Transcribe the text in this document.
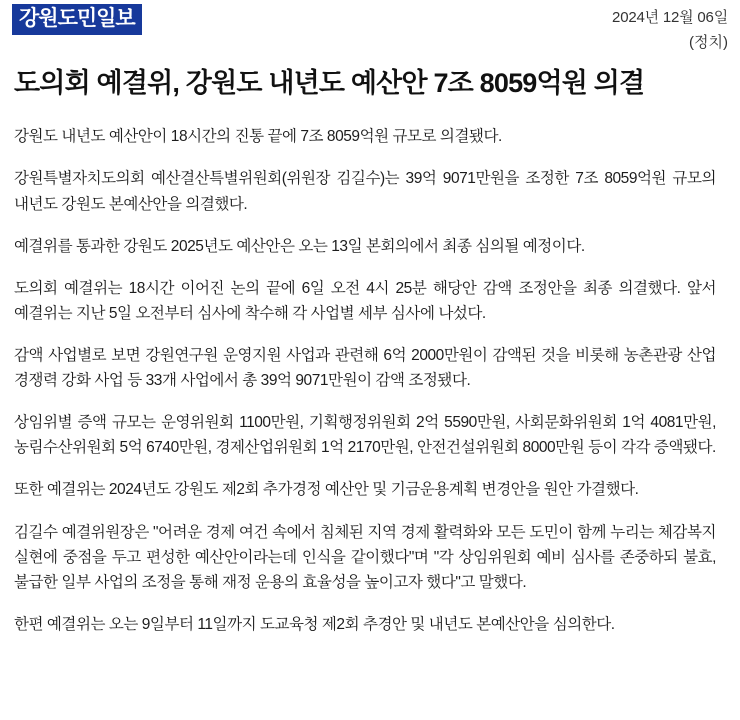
강원도민일보	2024년 12월 06일
(정치)
도의회 예결위, 강원도 내년도 예산안 7조 8059억원 의결

강원도 내년도 예산안이 18시간의 진통 끝에 7조 8059억원 규모로 의결됐다.

강원특별자치도의회 예산결산특별위원회(위원장 김길수)는 39억 9071만원을 조정한 7조 8059억원 규모의 내년도 강원도 본예산안을 의결했다.

예결위를 통과한 강원도 2025년도 예산안은 오는 13일 본회의에서 최종 심의될 예정이다.

도의회 예결위는 18시간 이어진 논의 끝에 6일 오전 4시 25분 해당안 감액 조정안을 최종 의결했다. 앞서 예결위는 지난 5일 오전부터 심사에 착수해 각 사업별 세부 심사에 나섰다.

감액 사업별로 보면 강원연구원 운영지원 사업과 관련해 6억 2000만원이 감액된 것을 비롯해 농촌관광 산업 경쟁력 강화 사업 등 33개 사업에서 총 39억 9071만원이 감액 조정됐다.

상임위별 증액 규모는 운영위원회 1100만원, 기획행정위원회 2억 5590만원, 사회문화위원회 1억 4081만원, 농림수산위원회 5억 6740만원, 경제산업위원회 1억 2170만원, 안전건설위원회 8000만원 등이 각각 증액됐다.

또한 예결위는 2024년도 강원도 제2회 추가경정 예산안 및 기금운용계획 변경안을 원안 가결했다.

김길수 예결위원장은 "어려운 경제 여건 속에서 침체된 지역 경제 활력화와 모든 도민이 함께 누리는 체감복지 실현에 중점을 두고 편성한 예산안이라는데 인식을 같이했다"며 "각 상임위원회 예비 심사를 존중하되 불효, 불급한 일부 사업의 조정을 통해 재정 운용의 효율성을 높이고자 했다"고 말했다.

한편 예결위는 오는 9일부터 11일까지 도교육청 제2회 추경안 및 내년도 본예산안을 심의한다.
